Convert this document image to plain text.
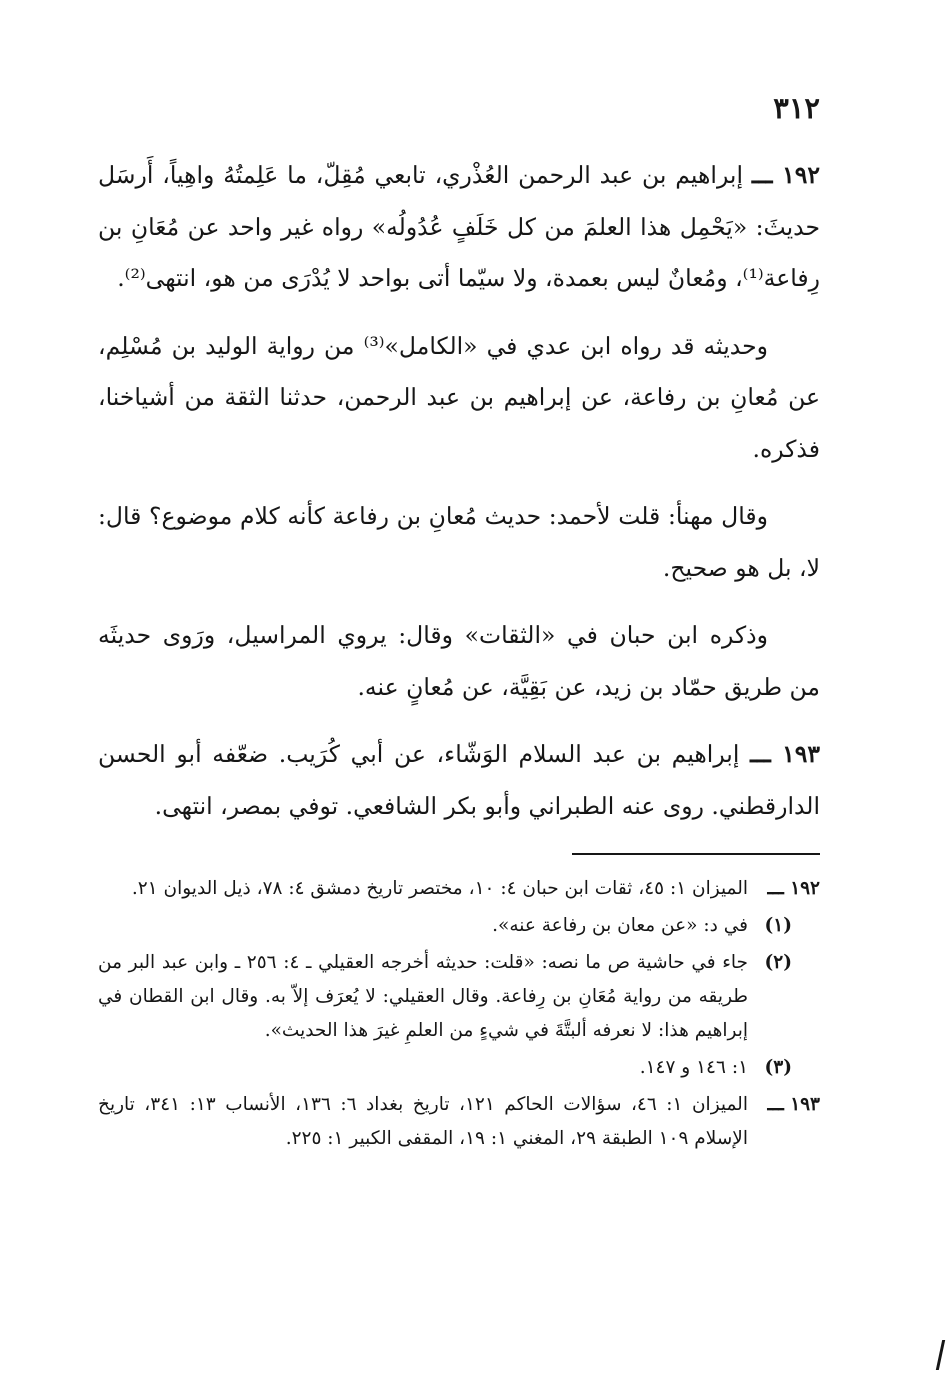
٣١٢

١٩٢ ـــ إبراهيم بن عبد الرحمن العُذْري، تابعي مُقِلّ، ما عَلِمتُهُ واهِياً، أَرسَل حديثَ: «يَحْمِل هذا العلمَ من كل خَلَفٍ عُدُولُه» رواه غير واحد عن مُعَانِ بن رِفاعة⁽¹⁾، ومُعانٌ ليس بعمدة، ولا سيّما أتى بواحد لا يُدْرَى من هو، انتهى⁽²⁾.

وحديثه قد رواه ابن عدي في «الكامل»⁽³⁾ من رواية الوليد بن مُسْلِم، عن مُعانِ بن رفاعة، عن إبراهيم بن عبد الرحمن، حدثنا الثقة من أشياخنا، فذكره.

وقال مهنأ: قلت لأحمد: حديث مُعانِ بن رفاعة كأنه كلام موضوع؟ قال: لا، بل هو صحيح.

وذكره ابن حبان في «الثقات» وقال: يروي المراسيل، ورَوى حديثَه من طريق حمّاد بن زيد، عن بَقِيَّة، عن مُعانٍ عنه.

١٩٣ ـــ إبراهيم بن عبد السلام الوَشّاء، عن أبي كُرَيب. ضعّفه أبو الحسن الدارقطني. روى عنه الطبراني وأبو بكر الشافعي. توفي بمصر، انتهى.

١٩٢ ـــ
الميزان ١: ٤٥، ثقات ابن حبان ٤: ١٠، مختصر تاريخ دمشق ٤: ٧٨، ذيل الديوان ٢١.
(١)
في د: «عن معان بن رفاعة عنه».
(٢)
جاء في حاشية ص ما نصه: «قلت: حديثه أخرجه العقيلي ـ ٤: ٢٥٦ ـ وابن عبد البر من طريقه من رواية مُعَانِ بن رِفاعة. وقال العقيلي: لا يُعرَف إلاّ به. وقال ابن القطان في إبراهيم هذا: لا نعرفه ألبتَّةَ في شيءٍ من العلمِ غيرَ هذا الحديث».
(٣)
١: ١٤٦ و ١٤٧.
١٩٣ ـــ
الميزان ١: ٤٦، سؤالات الحاكم ١٢١، تاريخ بغداد ٦: ١٣٦، الأنساب ١٣: ٣٤١، تاريخ الإسلام ١٠٩ الطبقة ٢٩، المغني ١: ١٩، المقفى الكبير ١: ٢٢٥.
